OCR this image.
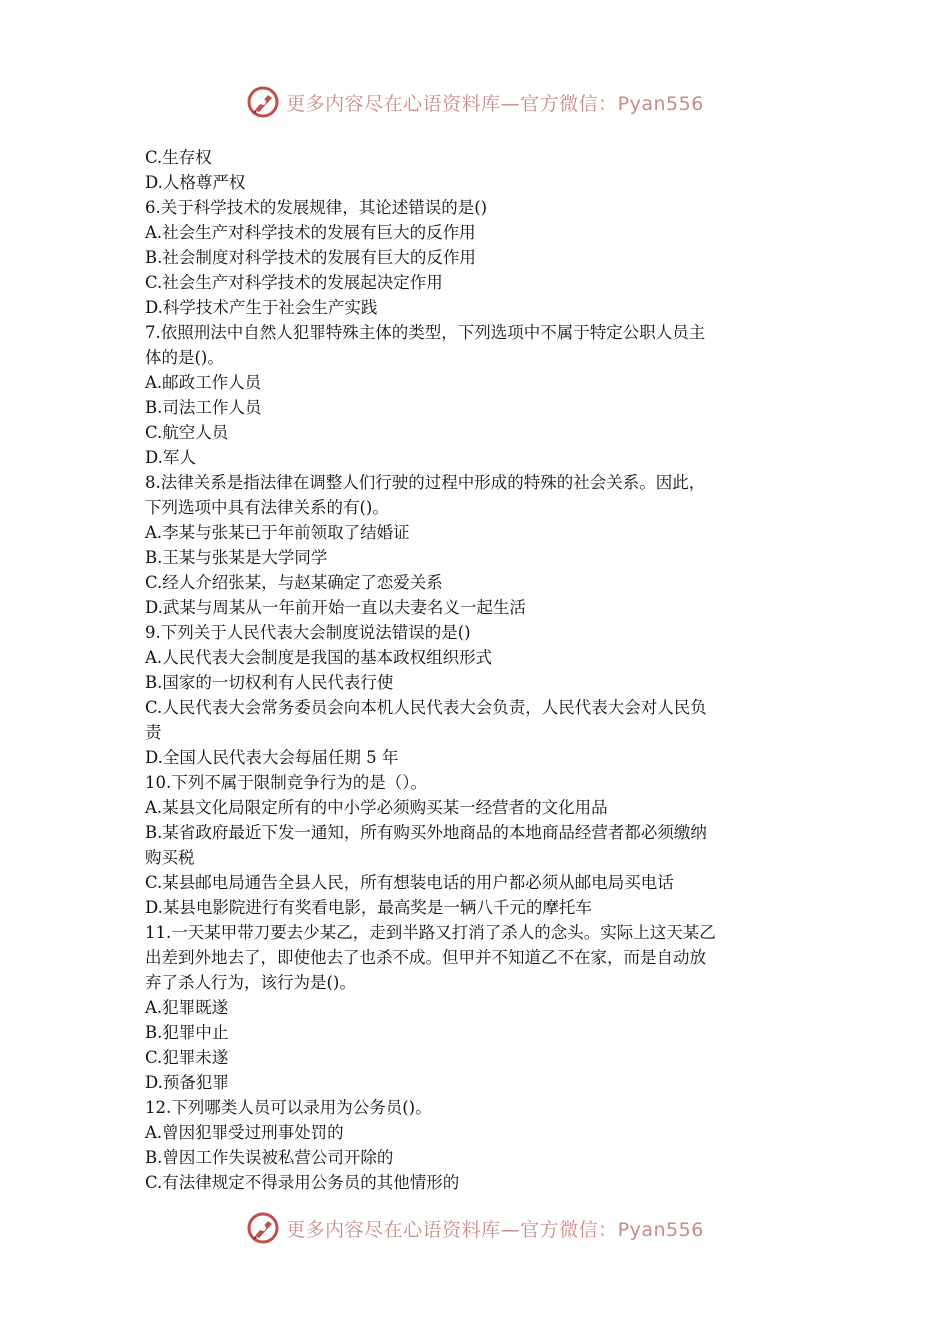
更多内容尽在心语资料库—官方微信：Pyan556

C.生存权

D.人格尊严权

6.关于科学技术的发展规律，其论述错误的是()

A.社会生产对科学技术的发展有巨大的反作用

B.社会制度对科学技术的发展有巨大的反作用

C.社会生产对科学技术的发展起决定作用

D.科学技术产生于社会生产实践

7.依照刑法中自然人犯罪特殊主体的类型，下列选项中不属于特定公职人员主

体的是()。

A.邮政工作人员

B.司法工作人员

C.航空人员

D.军人

8.法律关系是指法律在调整人们行驶的过程中形成的特殊的社会关系。因此，

下列选项中具有法律关系的有()。

A.李某与张某已于年前领取了结婚证

B.王某与张某是大学同学

C.经人介绍张某，与赵某确定了恋爱关系

D.武某与周某从一年前开始一直以夫妻名义一起生活

9.下列关于人民代表大会制度说法错误的是()

A.人民代表大会制度是我国的基本政权组织形式

B.国家的一切权利有人民代表行使

C.人民代表大会常务委员会向本机人民代表大会负责，人民代表大会对人民负

责

D.全国人民代表大会每届任期 5 年

10.下列不属于限制竞争行为的是（）。

A.某县文化局限定所有的中小学必须购买某一经营者的文化用品

B.某省政府最近下发一通知，所有购买外地商品的本地商品经营者都必须缴纳

购买税

C.某县邮电局通告全县人民，所有想装电话的用户都必须从邮电局买电话

D.某县电影院进行有奖看电影，最高奖是一辆八千元的摩托车

11.一天某甲带刀要去少某乙，走到半路又打消了杀人的念头。实际上这天某乙

出差到外地去了，即使他去了也杀不成。但甲并不知道乙不在家，而是自动放

弃了杀人行为，该行为是()。

A.犯罪既遂

B.犯罪中止

C.犯罪未遂

D.预备犯罪

12.下列哪类人员可以录用为公务员()。

A.曾因犯罪受过刑事处罚的

B.曾因工作失误被私营公司开除的

C.有法律规定不得录用公务员的其他情形的

更多内容尽在心语资料库—官方微信：Pyan556
